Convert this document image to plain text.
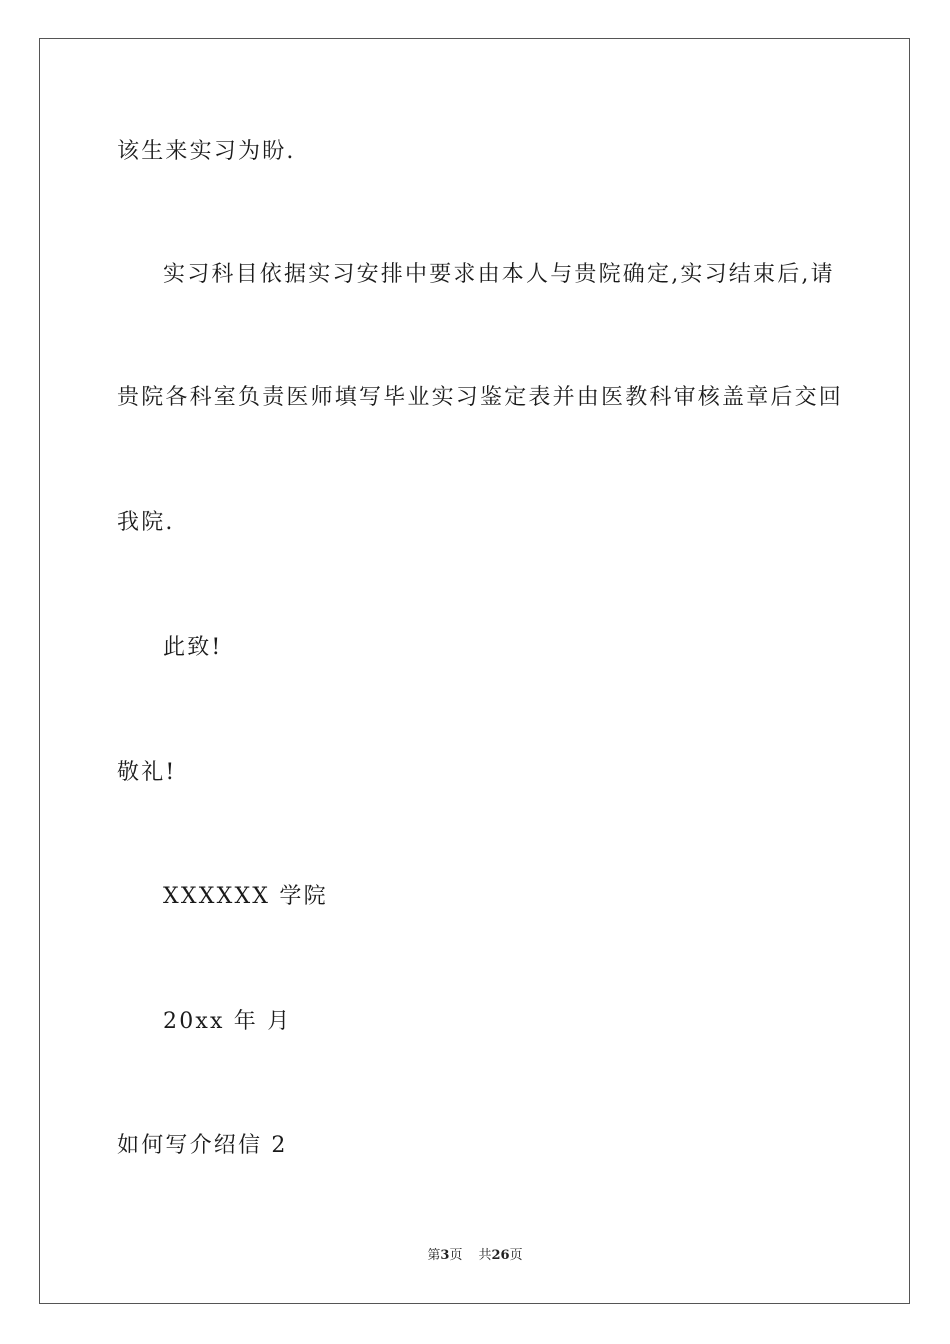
该生来实习为盼.
实习科目依据实习安排中要求由本人与贵院确定,实习结束后,请
贵院各科室负责医师填写毕业实习鉴定表并由医教科审核盖章后交回
我院.
此致!
敬礼!
XXXXXX 学院
20xx 年 月
如何写介绍信 2
第3页 共26页
